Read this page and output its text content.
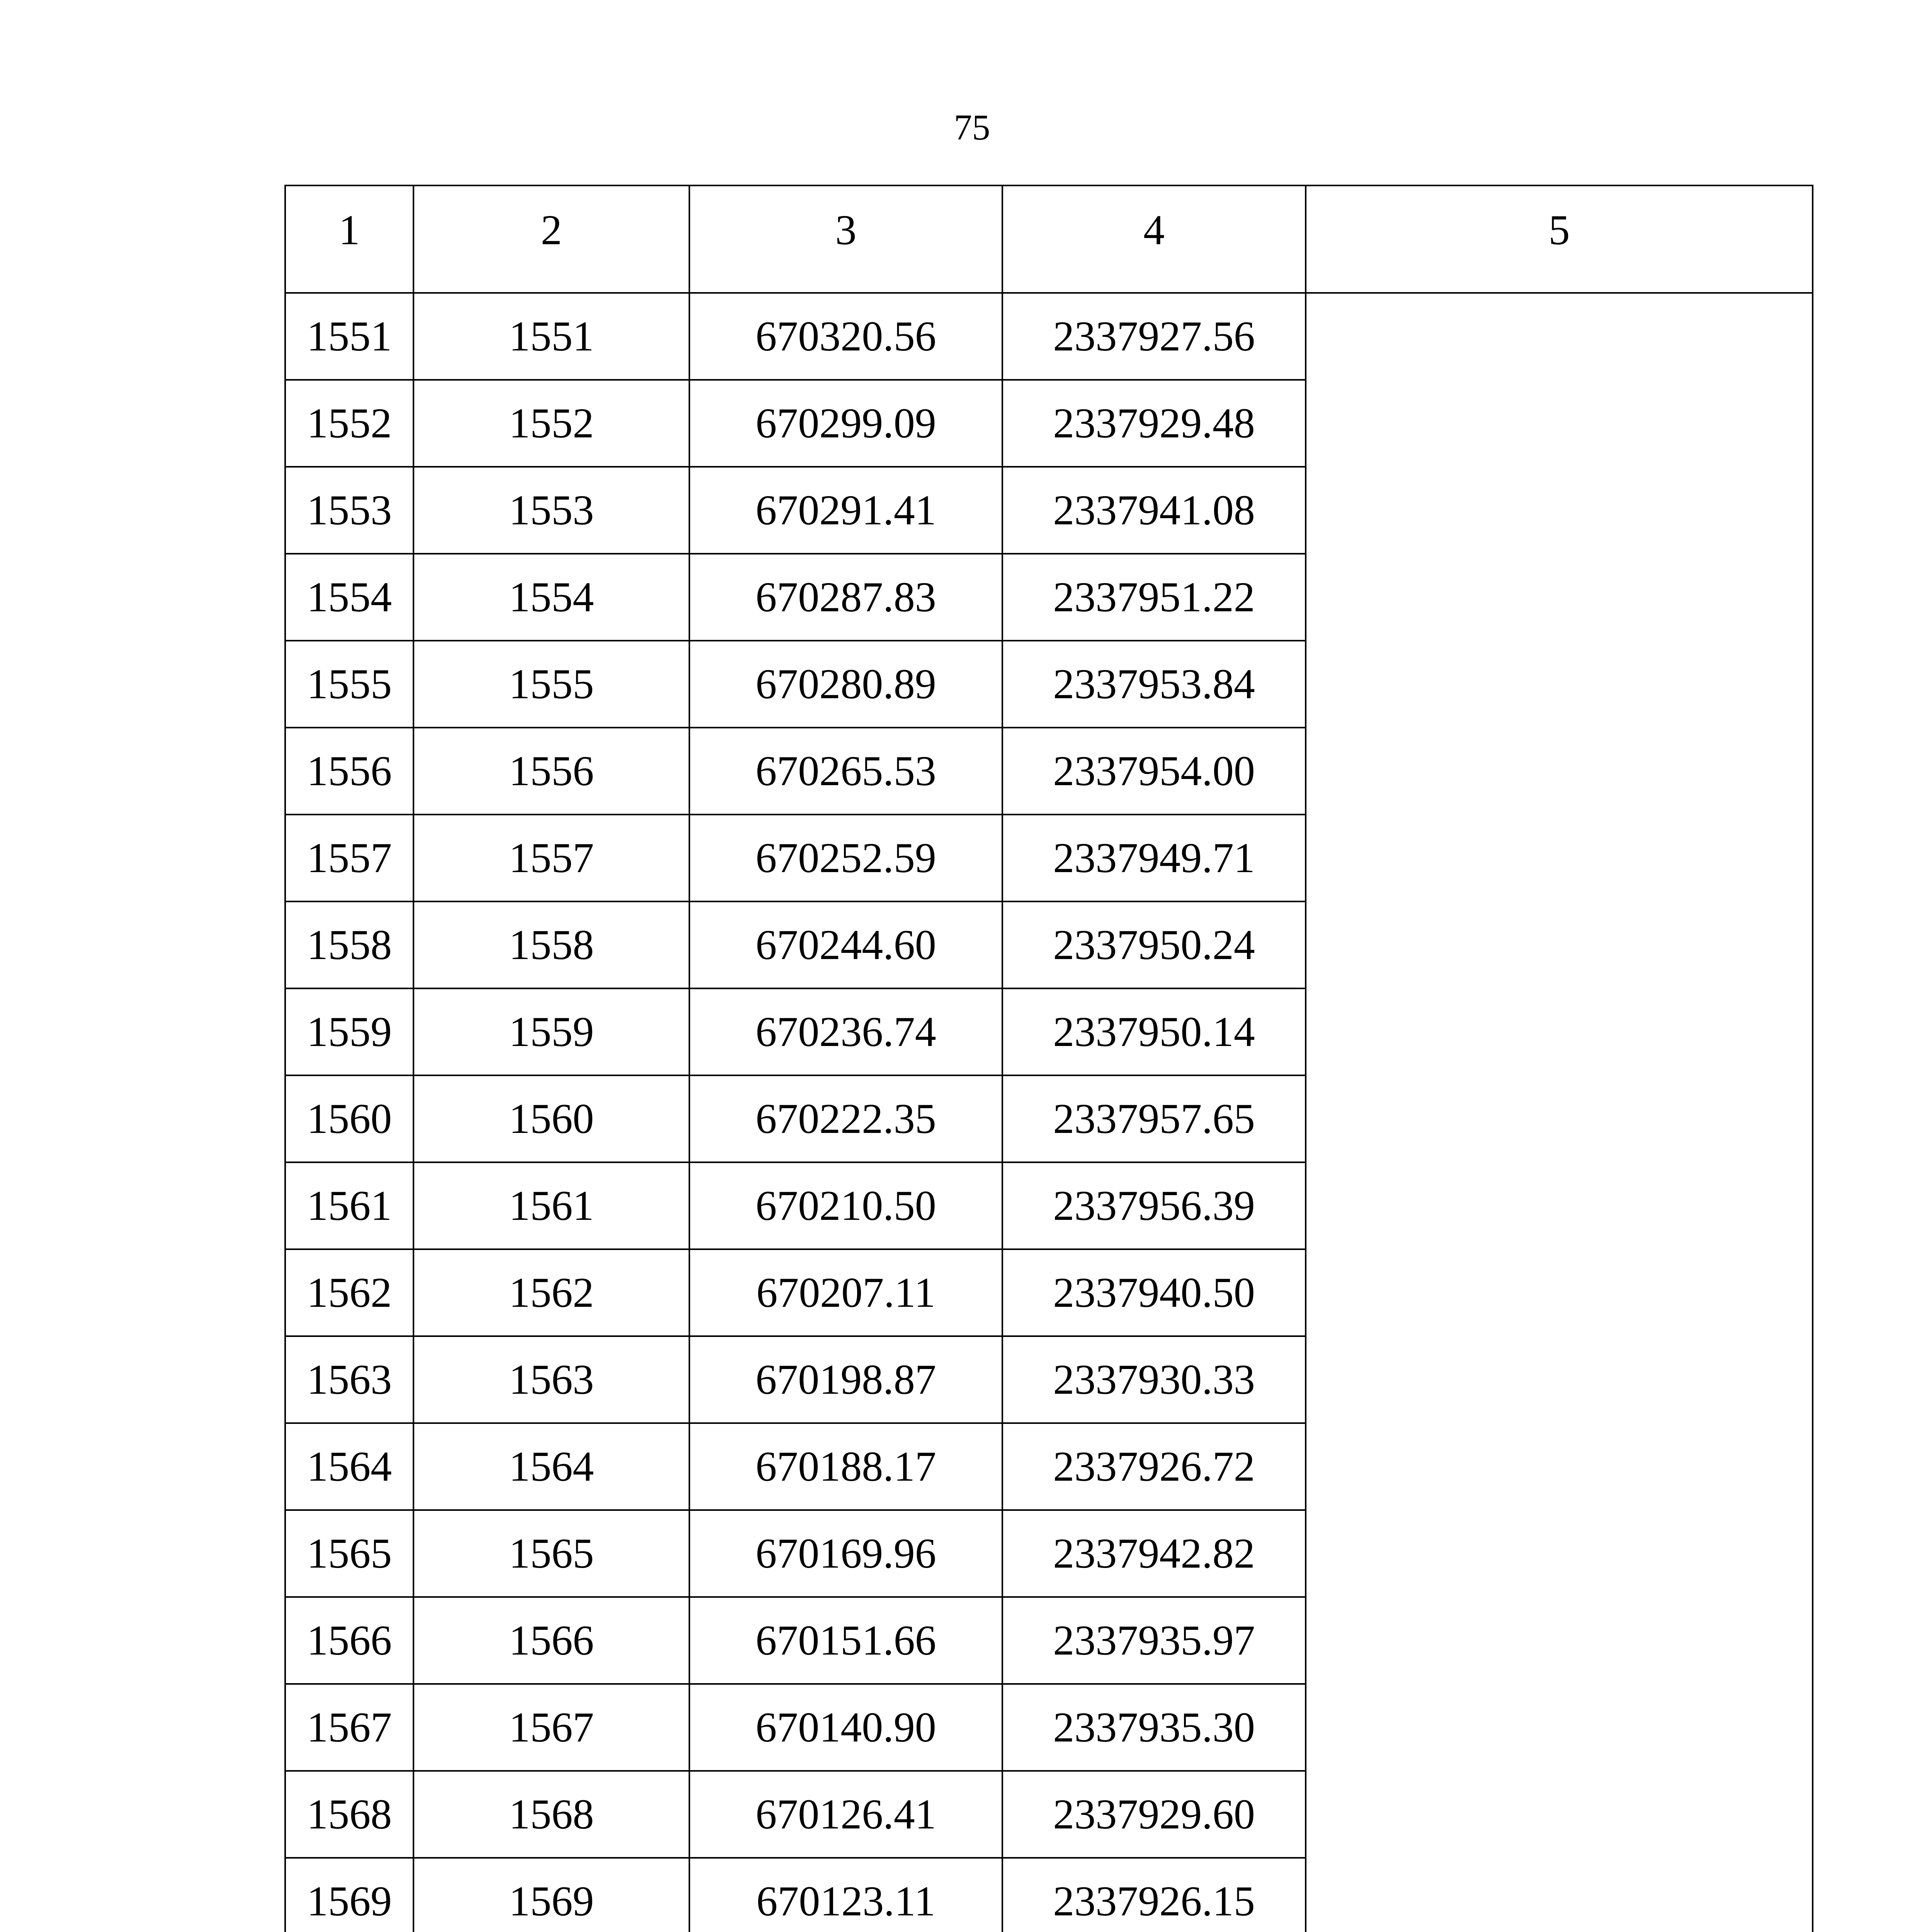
75
1	2	3	4	5
1551	1551	670320.56	2337927.56	
1552	1552	670299.09	2337929.48	
1553	1553	670291.41	2337941.08	
1554	1554	670287.83	2337951.22	
1555	1555	670280.89	2337953.84	
1556	1556	670265.53	2337954.00	
1557	1557	670252.59	2337949.71	
1558	1558	670244.60	2337950.24	
1559	1559	670236.74	2337950.14	
1560	1560	670222.35	2337957.65	
1561	1561	670210.50	2337956.39	
1562	1562	670207.11	2337940.50	
1563	1563	670198.87	2337930.33	
1564	1564	670188.17	2337926.72	
1565	1565	670169.96	2337942.82	
1566	1566	670151.66	2337935.97	
1567	1567	670140.90	2337935.30	
1568	1568	670126.41	2337929.60	
1569	1569	670123.11	2337926.15	
